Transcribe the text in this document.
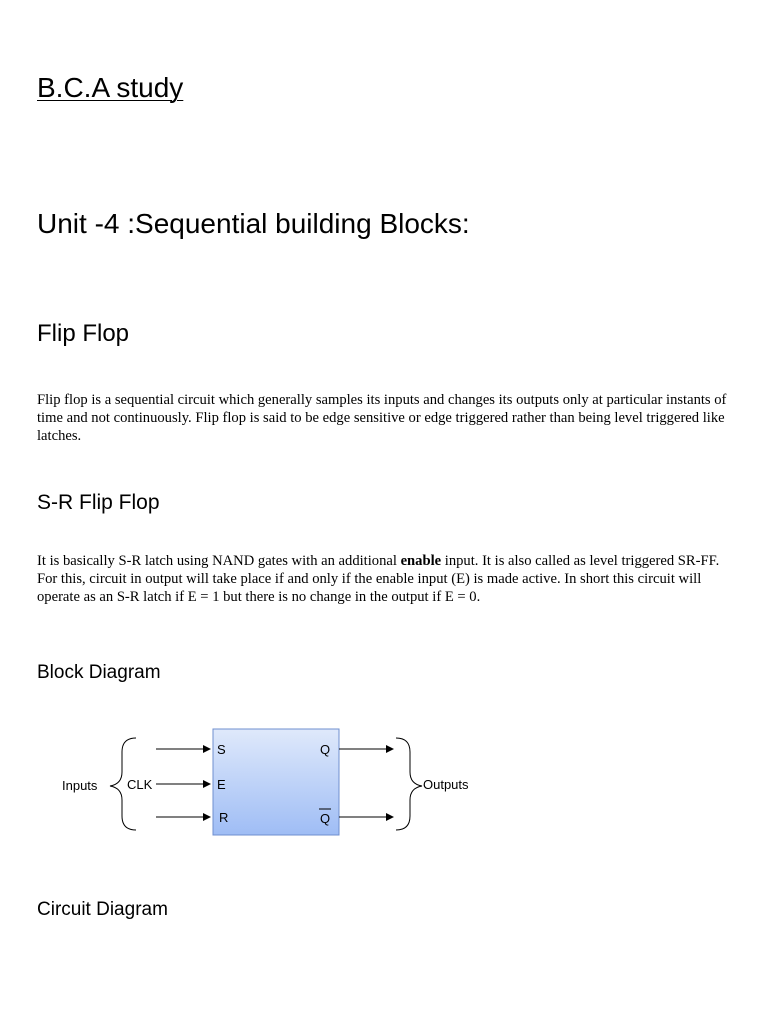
B.C.A study
Unit -4 :Sequential building Blocks:
Flip Flop

Flip flop is a sequential circuit which generally samples its inputs and changes its outputs only at particular instants of time and not continuously. Flip flop is said to be edge sensitive or edge triggered rather than being level triggered like latches.

S-R Flip Flop

It is basically S-R latch using NAND gates with an additional enable input. It is also called as level triggered SR-FF. For this, circuit in output will take place if and only if the enable input (E) is made active. In short this circuit will operate as an S-R latch if E = 1 but there is no change in the output if E = 0.

Block Diagram
Inputs CLK	Outputs
S
E
R
Q
Q
Circuit Diagram
